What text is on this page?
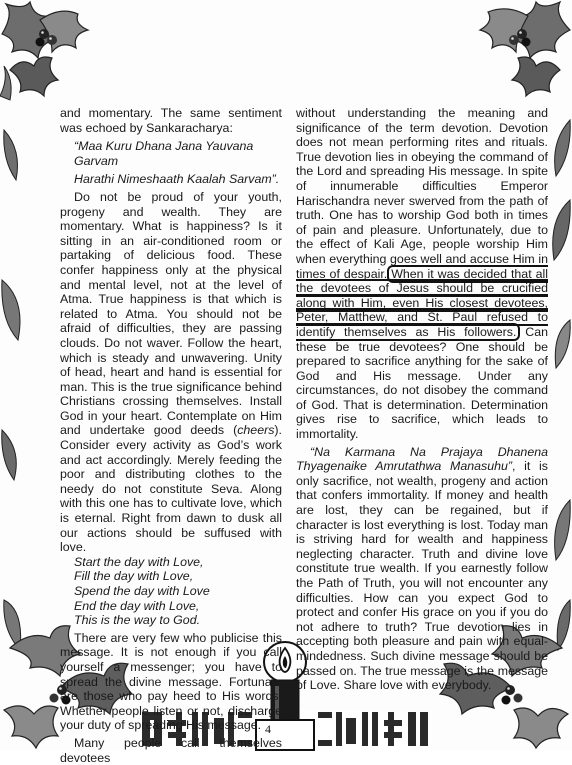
4

and momentary. The same sentiment was echoed by Sankaracharya:

“Maa Kuru Dhana Jana Yauvana Garvam

Harathi Nimeshaath Kaalah Sarvam”.

Do not be proud of your youth, progeny and wealth. They are momentary. What is happiness? Is it sitting in an air-conditioned room or partaking of delicious food. These confer happiness only at the physical and mental level, not at the level of Atma. True happiness is that which is related to Atma. You should not be afraid of difficulties, they are passing clouds. Do not waver. Follow the heart, which is steady and unwavering. Unity of head, heart and hand is essential for man. This is the true significance behind Christians crossing themselves. Install God in your heart. Contemplate on Him and undertake good deeds (cheers). Consider every activity as God’s work and act accordingly. Merely feeding the poor and distributing clothes to the needy do not constitute Seva. Along with this one has to cultivate love, which is eternal. Right from dawn to dusk all our actions should be suffused with love.

Start the day with Love,
Fill the day with Love,
Spend the day with Love
End the day with Love,
This is the way to God.

There are very few who publicise this message. It is not enough if you call yourself a messenger; you have to spread the divine message. Fortunate are those who pay heed to His words. Whether people listen or not, discharge your duty of spreading His message.

Many people call themselves devotees

without understanding the meaning and significance of the term devotion. Devotion does not mean performing rites and rituals. True devotion lies in obeying the command of the Lord and spreading His message. In spite of innumerable difficulties Emperor Harischandra never swerved from the path of truth. One has to worship God both in times of pain and pleasure. Unfortunately, due to the effect of Kali Age, people worship Him when everything goes well and accuse Him in times of despair. When it was decided that all the devotees of Jesus should be crucified along with Him, even His closest devotees, Peter, Matthew, and St. Paul refused to identify themselves as His followers. Can these be true devotees? One should be prepared to sacrifice anything for the sake of God and His message. Under any circumstances, do not disobey the command of God. That is determination. Determination gives rise to sacrifice, which leads to immortality.

“Na Karmana Na Prajaya Dhanena Thyagenaike Amrutathwa Manasuhu”, it is only sacrifice, not wealth, progeny and action that confers immortality. If money and health are lost, they can be regained, but if character is lost everything is lost. Today man is striving hard for wealth and happiness neglecting character. Truth and divine love constitute true wealth. If you earnestly follow the Path of Truth, you will not encounter any difficulties. How can you expect God to protect and confer His grace on you if you do not adhere to truth? True devotion lies in accepting both pleasure and pain with equal-mindedness. Such divine message should be passed on. The true message is the message of Love. Share love with everybody.
